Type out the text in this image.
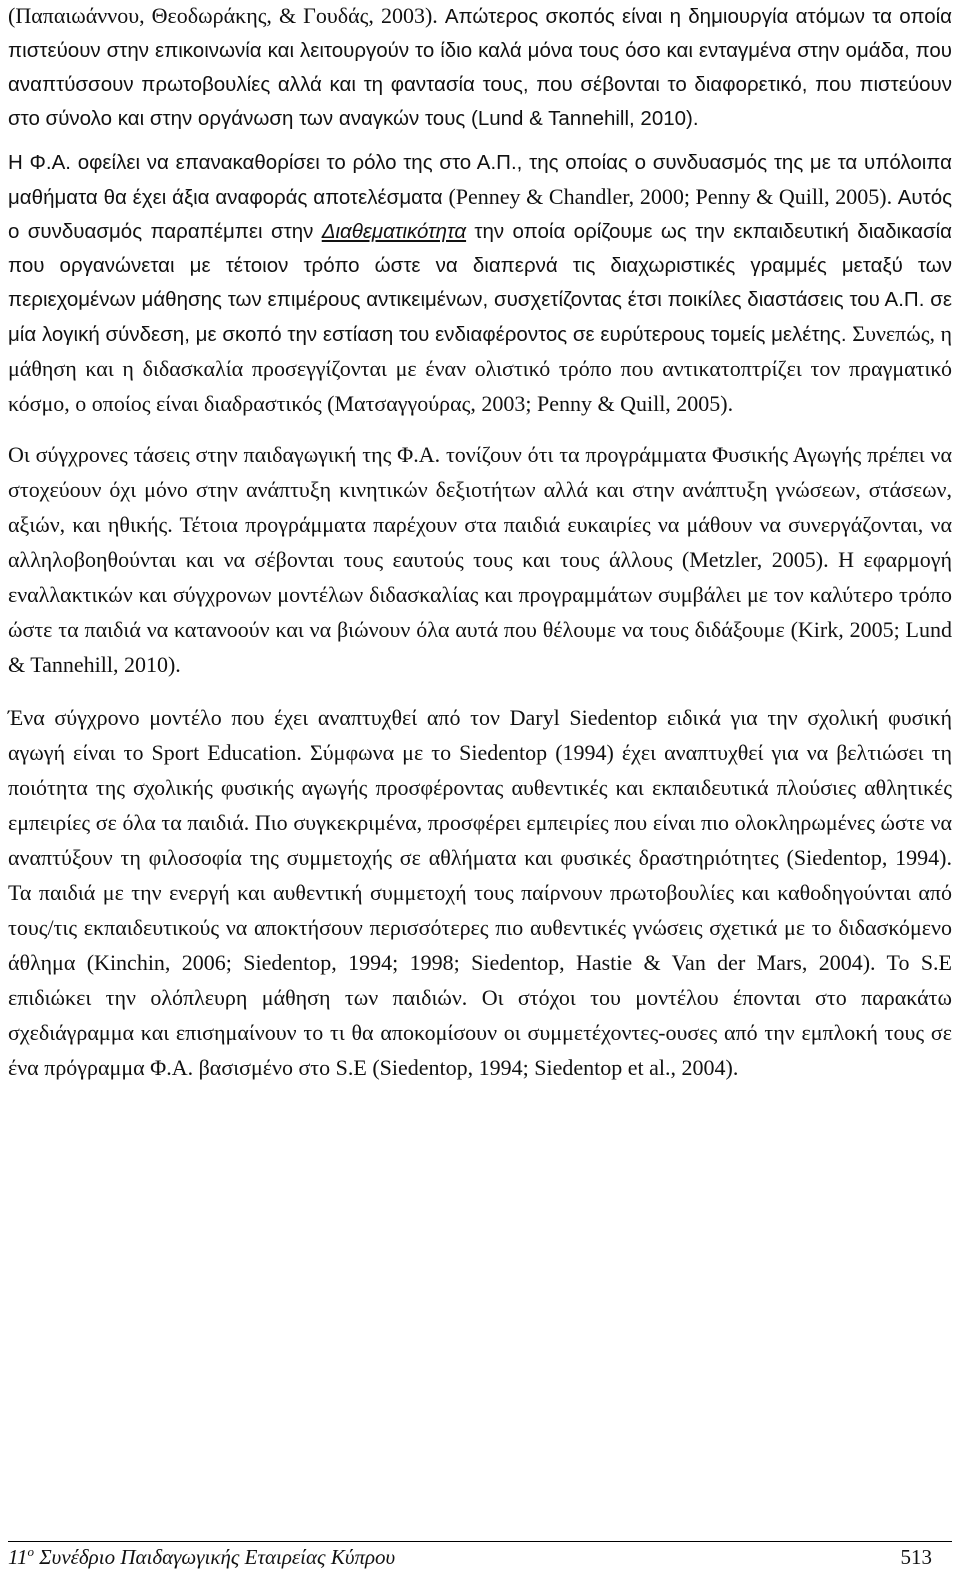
(Παπαιωάννου, Θεοδωράκης, & Γουδάς, 2003). Απώτερος σκοπός είναι η δημιουργία ατόμων τα οποία πιστεύουν στην επικοινωνία και λειτουργούν το ίδιο καλά μόνα τους όσο και ενταγμένα στην ομάδα, που αναπτύσσουν πρωτοβουλίες αλλά και τη φαντασία τους, που σέβονται το διαφορετικό, που πιστεύουν στο σύνολο και στην οργάνωση των αναγκών τους (Lund & Tannehill, 2010).

Η Φ.Α. οφείλει να επανακαθορίσει το ρόλο της στο Α.Π., της οποίας ο συνδυασμός της με τα υπόλοιπα μαθήματα θα έχει άξια αναφοράς αποτελέσματα (Penney & Chandler, 2000; Penny & Quill, 2005). Αυτός ο συνδυασμός παραπέμπει στην Διαθεματικότητα την οποία ορίζουμε ως την εκπαιδευτική διαδικασία που οργανώνεται με τέτοιον τρόπο ώστε να διαπερνά τις διαχωριστικές γραμμές μεταξύ των περιεχομένων μάθησης των επιμέρους αντικειμένων, συσχετίζοντας έτσι ποικίλες διαστάσεις του Α.Π. σε μία λογική σύνδεση, με σκοπό την εστίαση του ενδιαφέροντος σε ευρύτερους τομείς μελέτης. Συνεπώς, η μάθηση και η διδασκαλία προσεγγίζονται με έναν ολιστικό τρόπο που αντικατοπτρίζει τον πραγματικό κόσμο, ο οποίος είναι διαδραστικός (Ματσαγγούρας, 2003; Penny & Quill, 2005).

Οι σύγχρονες τάσεις στην παιδαγωγική της Φ.Α. τονίζουν ότι τα προγράμματα Φυσικής Αγωγής πρέπει να στοχεύουν όχι μόνο στην ανάπτυξη κινητικών δεξιοτήτων αλλά και στην ανάπτυξη γνώσεων, στάσεων, αξιών, και ηθικής. Τέτοια προγράμματα παρέχουν στα παιδιά ευκαιρίες να μάθουν να συνεργάζονται, να αλληλοβοηθούνται και να σέβονται τους εαυτούς τους και τους άλλους (Metzler, 2005). Η εφαρμογή εναλλακτικών και σύγχρονων μοντέλων διδασκαλίας και προγραμμάτων συμβάλει με τον καλύτερο τρόπο ώστε τα παιδιά να κατανοούν και να βιώνουν όλα αυτά που θέλουμε να τους διδάξουμε (Kirk, 2005; Lund & Tannehill, 2010).

Ένα σύγχρονο μοντέλο που έχει αναπτυχθεί από τον Daryl Siedentop ειδικά για την σχολική φυσική αγωγή είναι το Sport Education. Σύμφωνα με το Siedentop (1994) έχει αναπτυχθεί για να βελτιώσει τη ποιότητα της σχολικής φυσικής αγωγής προσφέροντας αυθεντικές και εκπαιδευτικά πλούσιες αθλητικές εμπειρίες σε όλα τα παιδιά. Πιο συγκεκριμένα, προσφέρει εμπειρίες που είναι πιο ολοκληρωμένες ώστε να αναπτύξουν τη φιλοσοφία της συμμετοχής σε αθλήματα και φυσικές δραστηριότητες (Siedentop, 1994). Τα παιδιά με την ενεργή και αυθεντική συμμετοχή τους παίρνουν πρωτοβουλίες και καθοδηγούνται από τους/τις εκπαιδευτικούς να αποκτήσουν περισσότερες πιο αυθεντικές γνώσεις σχετικά με το διδασκόμενο άθλημα (Kinchin, 2006; Siedentop, 1994; 1998; Siedentop, Hastie & Van der Mars, 2004). Το S.E επιδιώκει την ολόπλευρη μάθηση των παιδιών. Οι στόχοι του μοντέλου έπονται στο παρακάτω σχεδιάγραμμα και επισημαίνουν το τι θα αποκομίσουν οι συμμετέχοντες-ουσες από την εμπλοκή τους σε ένα πρόγραμμα Φ.Α. βασισμένο στο S.E (Siedentop, 1994; Siedentop et al., 2004).

$11^o$ Συνέδριο Παιδαγωγικής Εταιρείας Κύπρου	513
